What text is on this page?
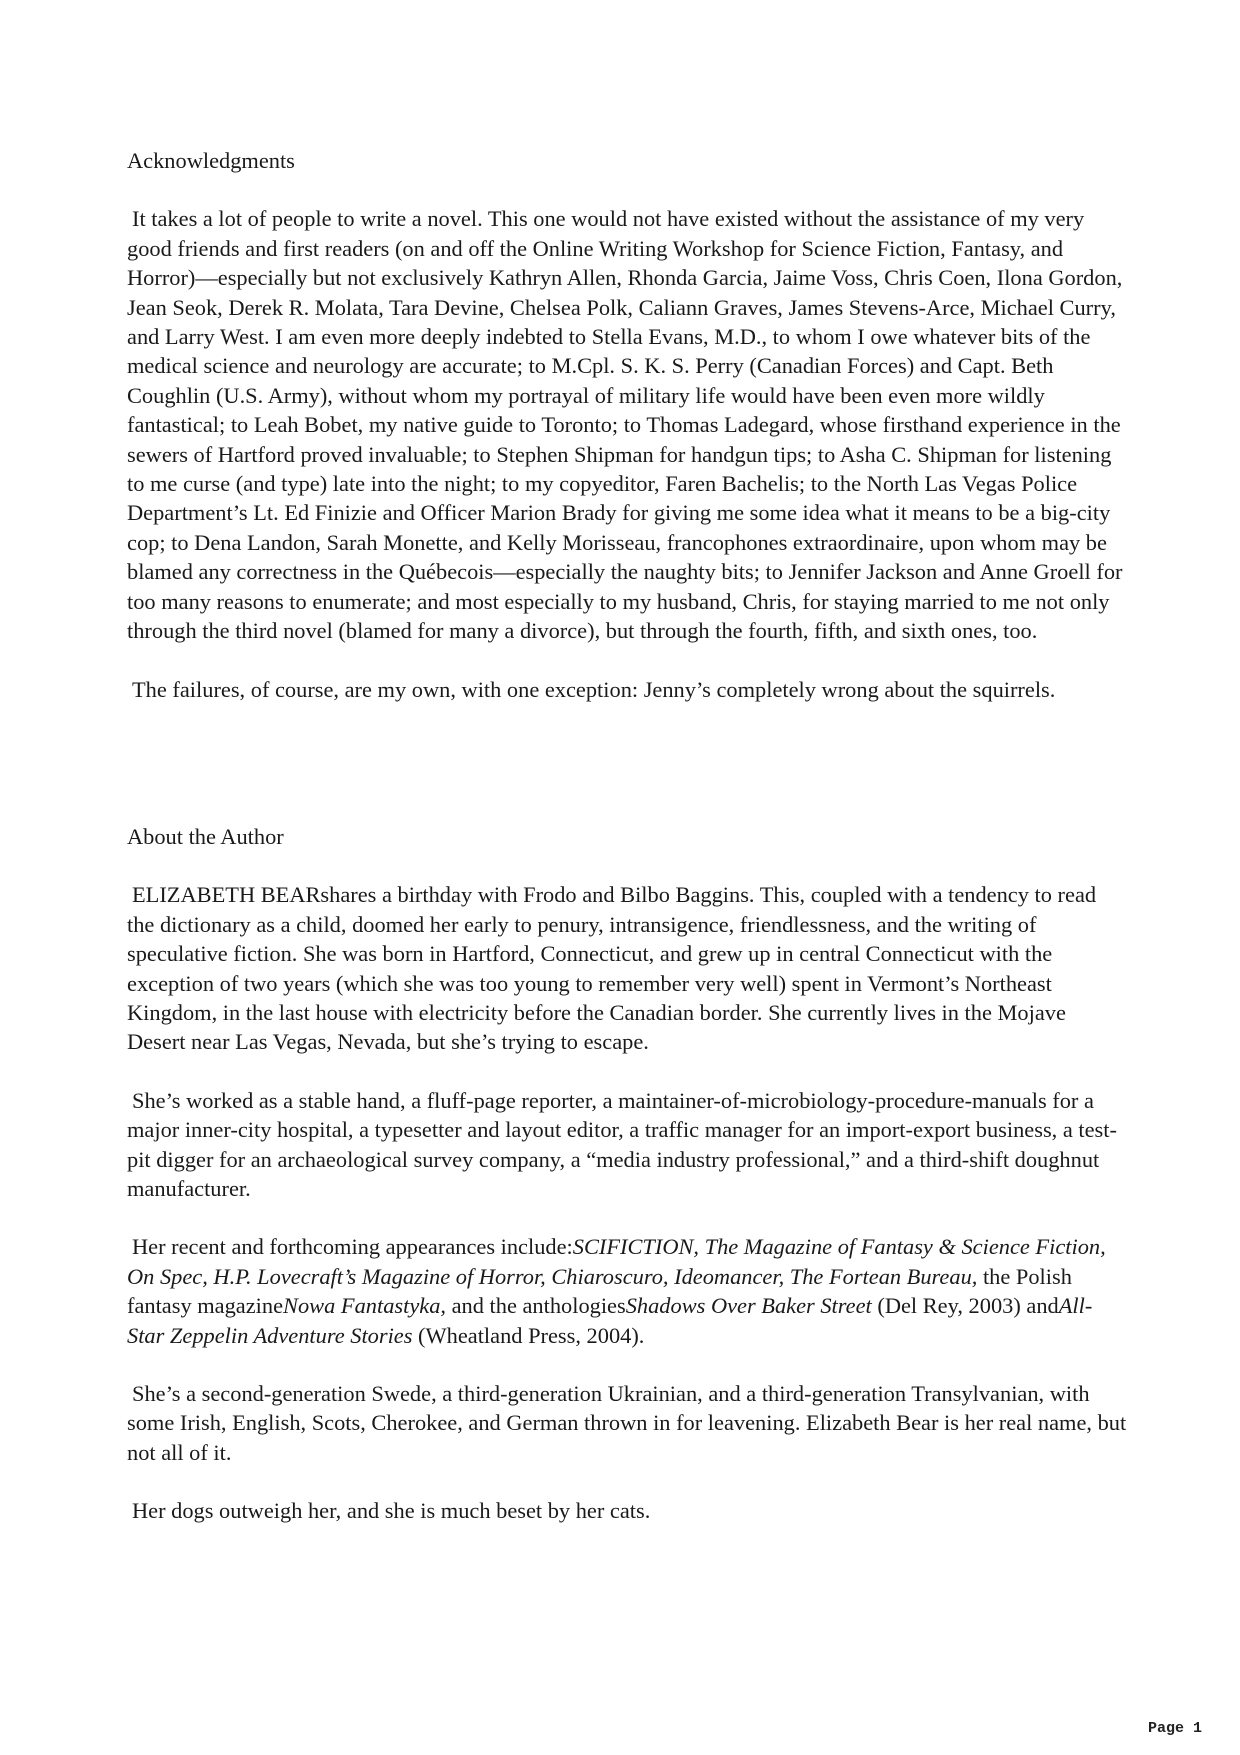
Acknowledgments

It takes a lot of people to write a novel. This one would not have existed without the assistance of my very good friends and first readers (on and off the Online Writing Workshop for Science Fiction, Fantasy, and Horror)—especially but not exclusively Kathryn Allen, Rhonda Garcia, Jaime Voss, Chris Coen, Ilona Gordon, Jean Seok, Derek R. Molata, Tara Devine, Chelsea Polk, Caliann Graves, James Stevens-Arce, Michael Curry, and Larry West. I am even more deeply indebted to Stella Evans, M.D., to whom I owe whatever bits of the medical science and neurology are accurate; to M.Cpl. S. K. S. Perry (Canadian Forces) and Capt. Beth Coughlin (U.S. Army), without whom my portrayal of military life would have been even more wildly fantastical; to Leah Bobet, my native guide to Toronto; to Thomas Ladegard, whose firsthand experience in the sewers of Hartford proved invaluable; to Stephen Shipman for handgun tips; to Asha C. Shipman for listening to me curse (and type) late into the night; to my copyeditor, Faren Bachelis; to the North Las Vegas Police Department’s Lt. Ed Finizie and Officer Marion Brady for giving me some idea what it means to be a big-city cop; to Dena Landon, Sarah Monette, and Kelly Morisseau, francophones extraordinaire, upon whom may be blamed any correctness in the Québecois—especially the naughty bits; to Jennifer Jackson and Anne Groell for too many reasons to enumerate; and most especially to my husband, Chris, for staying married to me not only through the third novel (blamed for many a divorce), but through the fourth, fifth, and sixth ones, too.

The failures, of course, are my own, with one exception: Jenny’s completely wrong about the squirrels.

About the Author

ELIZABETH BEARshares a birthday with Frodo and Bilbo Baggins. This, coupled with a tendency to read the dictionary as a child, doomed her early to penury, intransigence, friendlessness, and the writing of speculative fiction. She was born in Hartford, Connecticut, and grew up in central Connecticut with the exception of two years (which she was too young to remember very well) spent in Vermont’s Northeast Kingdom, in the last house with electricity before the Canadian border. She currently lives in the Mojave Desert near Las Vegas, Nevada, but she’s trying to escape.

She’s worked as a stable hand, a fluff-page reporter, a maintainer-of-microbiology-procedure-manuals for a major inner-city hospital, a typesetter and layout editor, a traffic manager for an import-export business, a test-pit digger for an archaeological survey company, a “media industry professional,” and a third-shift doughnut manufacturer.

Her recent and forthcoming appearances include:SCIFICTION, The Magazine of Fantasy & Science Fiction, On Spec, H.P. Lovecraft’s Magazine of Horror, Chiaroscuro, Ideomancer, The Fortean Bureau, the Polish fantasy magazineNowa Fantastyka, and the anthologiesShadows Over Baker Street (Del Rey, 2003) andAll-Star Zeppelin Adventure Stories (Wheatland Press, 2004).

She’s a second-generation Swede, a third-generation Ukrainian, and a third-generation Transylvanian, with some Irish, English, Scots, Cherokee, and German thrown in for leavening. Elizabeth Bear is her real name, but not all of it.

Her dogs outweigh her, and she is much beset by her cats.

Page 1
